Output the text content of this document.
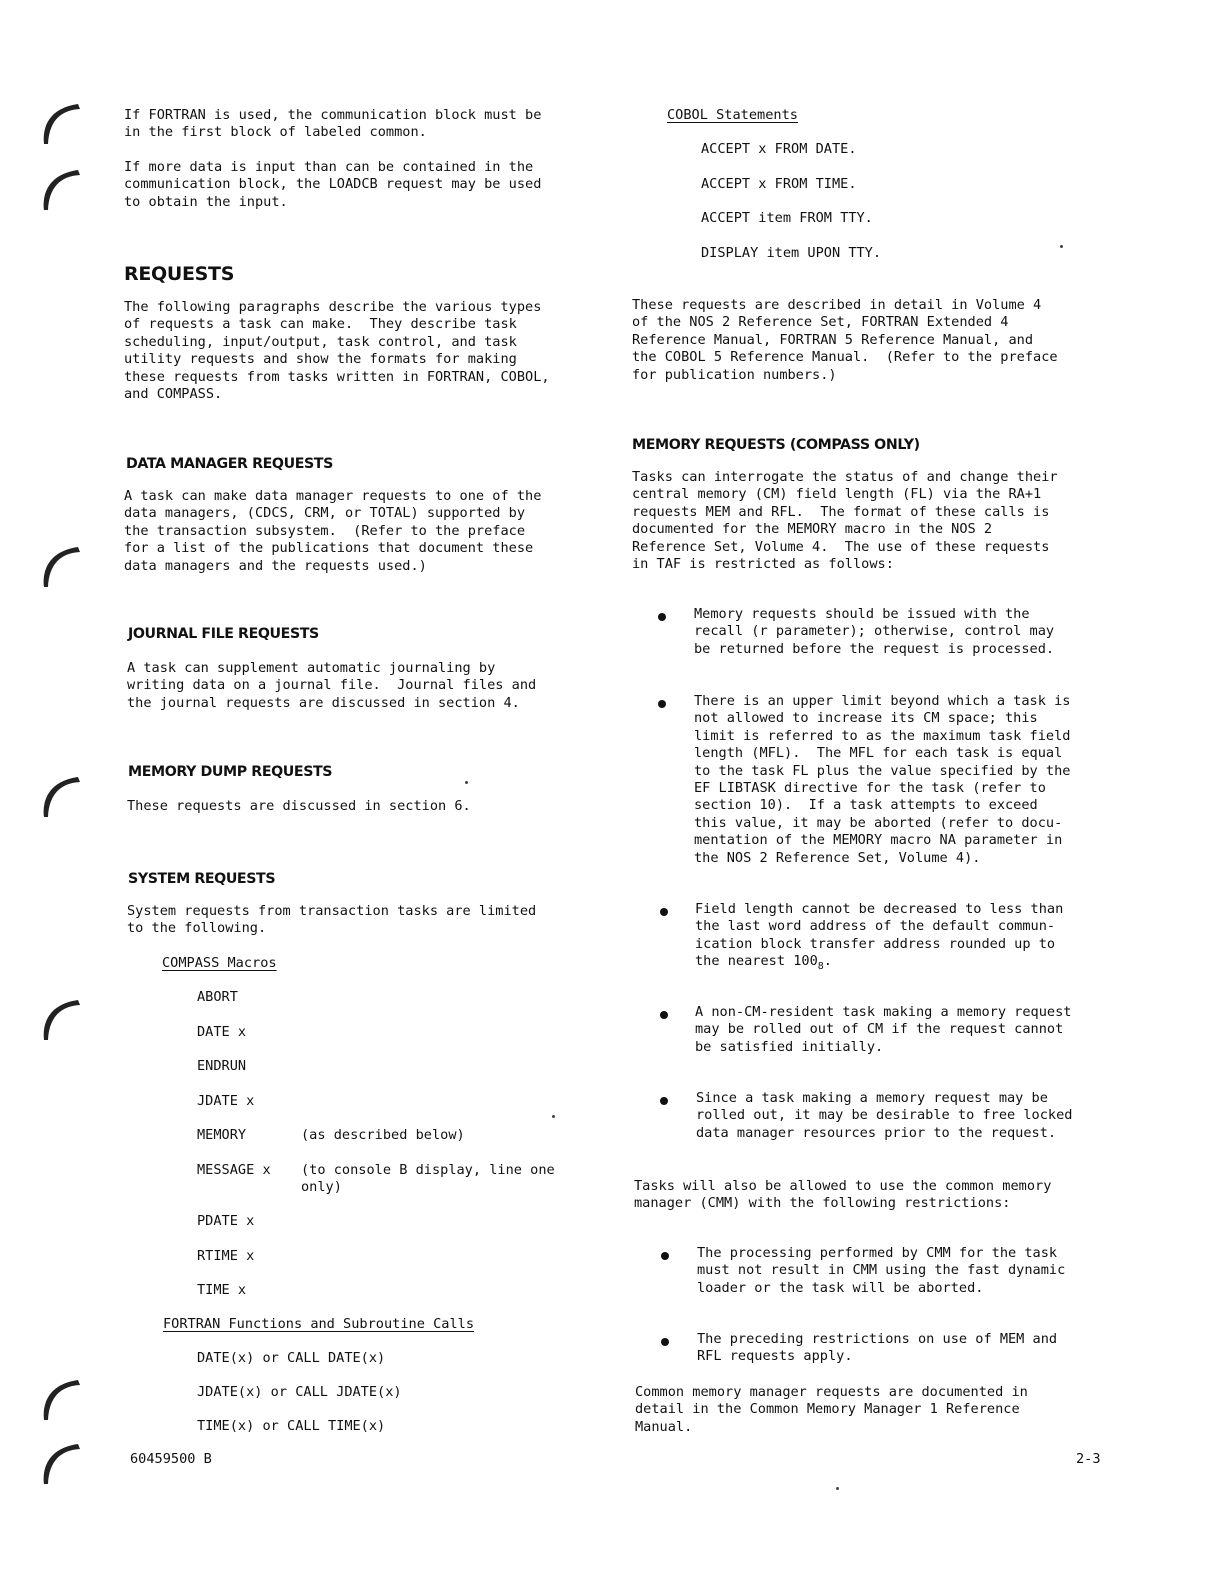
If FORTRAN is used, the communication block must be
in the first block of labeled common.

If more data is input than can be contained in the
communication block, the LOADCB request may be used
to obtain the input.

REQUESTS

The following paragraphs describe the various types
of requests a task can make.  They describe task
scheduling, input/output, task control, and task
utility requests and show the formats for making
these requests from tasks written in FORTRAN, COBOL,
and COMPASS.

DATA MANAGER REQUESTS

A task can make data manager requests to one of the
data managers, (CDCS, CRM, or TOTAL) supported by
the transaction subsystem.  (Refer to the preface
for a list of the publications that document these
data managers and the requests used.)

JOURNAL FILE REQUESTS

A task can supplement automatic journaling by
writing data on a journal file.  Journal files and
the journal requests are discussed in section 4.

MEMORY DUMP REQUESTS

These requests are discussed in section 6.

SYSTEM REQUESTS

System requests from transaction tasks are limited
to the following.

COMPASS Macros

ABORT

DATE x

ENDRUN

JDATE x

MEMORY	(as described below)

MESSAGE x (to console B display, line one
only)

PDATE x

RTIME x

TIME x

FORTRAN Functions and Subroutine Calls

DATE(x) or CALL DATE(x)

JDATE(x) or CALL JDATE(x)

TIME(x) or CALL TIME(x)

COBOL Statements

ACCEPT x FROM DATE.

ACCEPT x FROM TIME.

ACCEPT item FROM TTY.

DISPLAY item UPON TTY.

These requests are described in detail in Volume 4
of the NOS 2 Reference Set, FORTRAN Extended 4
Reference Manual, FORTRAN 5 Reference Manual, and
the COBOL 5 Reference Manual.  (Refer to the preface
for publication numbers.)

MEMORY REQUESTS (COMPASS ONLY)

Tasks can interrogate the status of and change their
central memory (CM) field length (FL) via the RA+1
requests MEM and RFL.  The format of these calls is
documented for the MEMORY macro in the NOS 2
Reference Set, Volume 4.  The use of these requests
in TAF is restricted as follows:

Memory requests should be issued with the
recall (r parameter); otherwise, control may
be returned before the request is processed.

There is an upper limit beyond which a task is
not allowed to increase its CM space; this
limit is referred to as the maximum task field
length (MFL).  The MFL for each task is equal
to the task FL plus the value specified by the
EF LIBTASK directive for the task (refer to
section 10).  If a task attempts to exceed
this value, it may be aborted (refer to docu-
mentation of the MEMORY macro NA parameter in
the NOS 2 Reference Set, Volume 4).

Field length cannot be decreased to less than
the last word address of the default commun-
ication block transfer address rounded up to
the nearest $100_8$.

A non-CM-resident task making a memory request
may be rolled out of CM if the request cannot
be satisfied initially.

Since a task making a memory request may be
rolled out, it may be desirable to free locked
data manager resources prior to the request.

Tasks will also be allowed to use the common memory
manager (CMM) with the following restrictions:

The processing performed by CMM for the task
must not result in CMM using the fast dynamic
loader or the task will be aborted.

The preceding restrictions on use of MEM and
RFL requests apply.

Common memory manager requests are documented in
detail in the Common Memory Manager 1 Reference
Manual.

60459500 B	2-3
